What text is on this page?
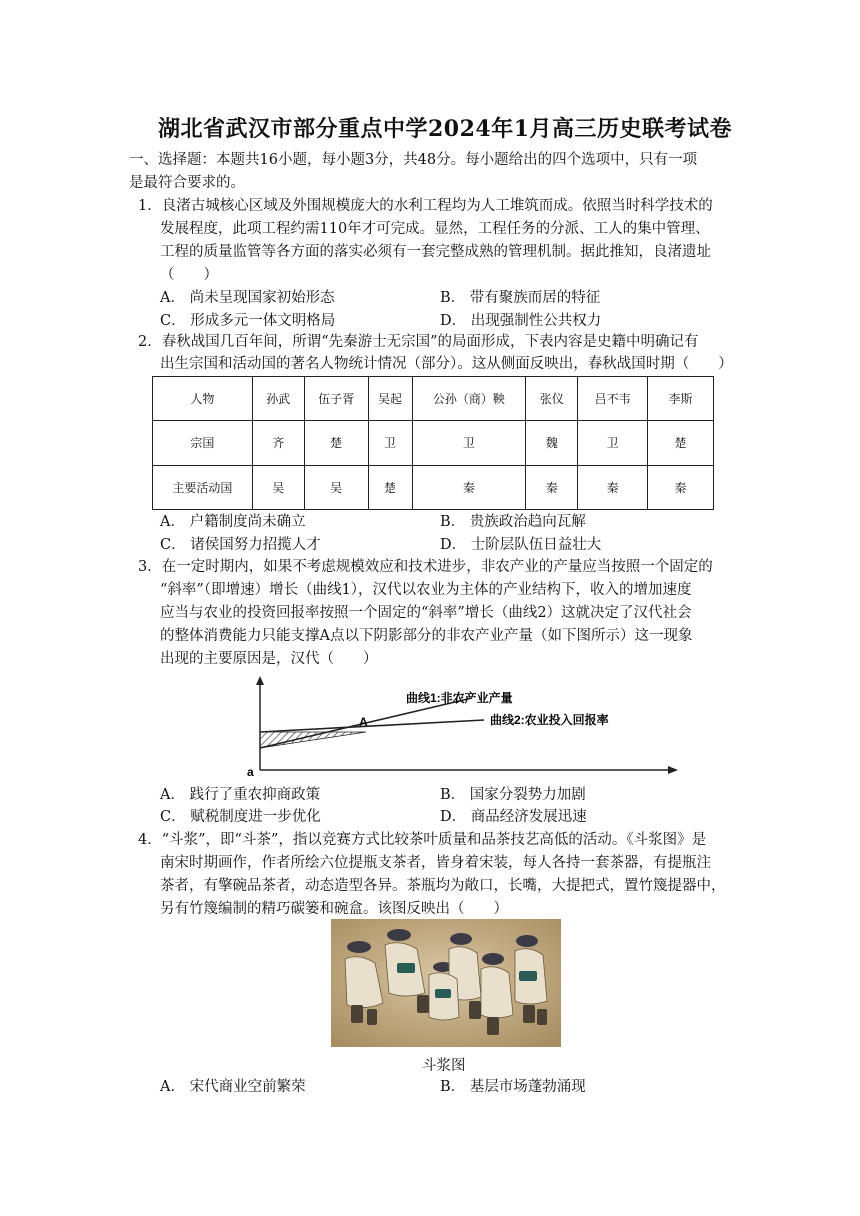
湖北省武汉市部分重点中学2024年1月高三历史联考试卷
一、选择题：本题共16小题，每小题3分，共48分。每小题给出的四个选项中，只有一项
是最符合要求的。
1．良渚古城核心区域及外围规模庞大的水利工程均为人工堆筑而成。依照当时科学技术的
发展程度，此项工程约需110年才可完成。显然，工程任务的分派、工人的集中管理、
工程的质量监管等各方面的落实必须有一套完整成熟的管理机制。据此推知，良渚遗址
（　　）
A． 尚未呈现国家初始形态	B． 带有聚族而居的特征
C． 形成多元一体文明格局	D． 出现强制性公共权力
2．春秋战国几百年间，所谓“先秦游士无宗国”的局面形成，下表内容是史籍中明确记有
出生宗国和活动国的著名人物统计情况（部分）。这从侧面反映出，春秋战国时期（　　）
人物	孙武	伍子胥	吴起	公孙（商）鞅	张仪	吕不韦	李斯
宗国	齐	楚	卫	卫	魏	卫	楚
主要活动国	吴	吴	楚	秦	秦	秦	秦
A． 户籍制度尚未确立	B． 贵族政治趋向瓦解
C． 诸侯国努力招揽人才	D． 士阶层队伍日益壮大
3．在一定时期内，如果不考虑规模效应和技术进步，非农产业的产量应当按照一个固定的
“斜率”（即增速）增长（曲线1），汉代以农业为主体的产业结构下，收入的增加速度
应当与农业的投资回报率按照一个固定的“斜率”增长（曲线2）这就决定了汉代社会
的整体消费能力只能支撑A点以下阴影部分的非农产业产量（如下图所示）这一现象
出现的主要原因是，汉代（　　）
A
a
曲线1:非农产业产量
曲线2:农业投入回报率
A． 践行了重农抑商政策	B． 国家分裂势力加剧
C． 赋税制度进一步优化	D． 商品经济发展迅速
4．“斗浆”，即“斗茶”，指以竞赛方式比较茶叶质量和品茶技艺高低的活动。《斗浆图》是
南宋时期画作，作者所绘六位提瓶支茶者，皆身着宋装，每人各持一套茶器，有提瓶注
茶者，有擎碗品茶者，动态造型各异。茶瓶均为敞口，长嘴，大提把式，置竹篾提器中，
另有竹篾编制的精巧碳篓和碗盒。该图反映出（　　）
斗浆图
A． 宋代商业空前繁荣	B． 基层市场蓬勃涌现
